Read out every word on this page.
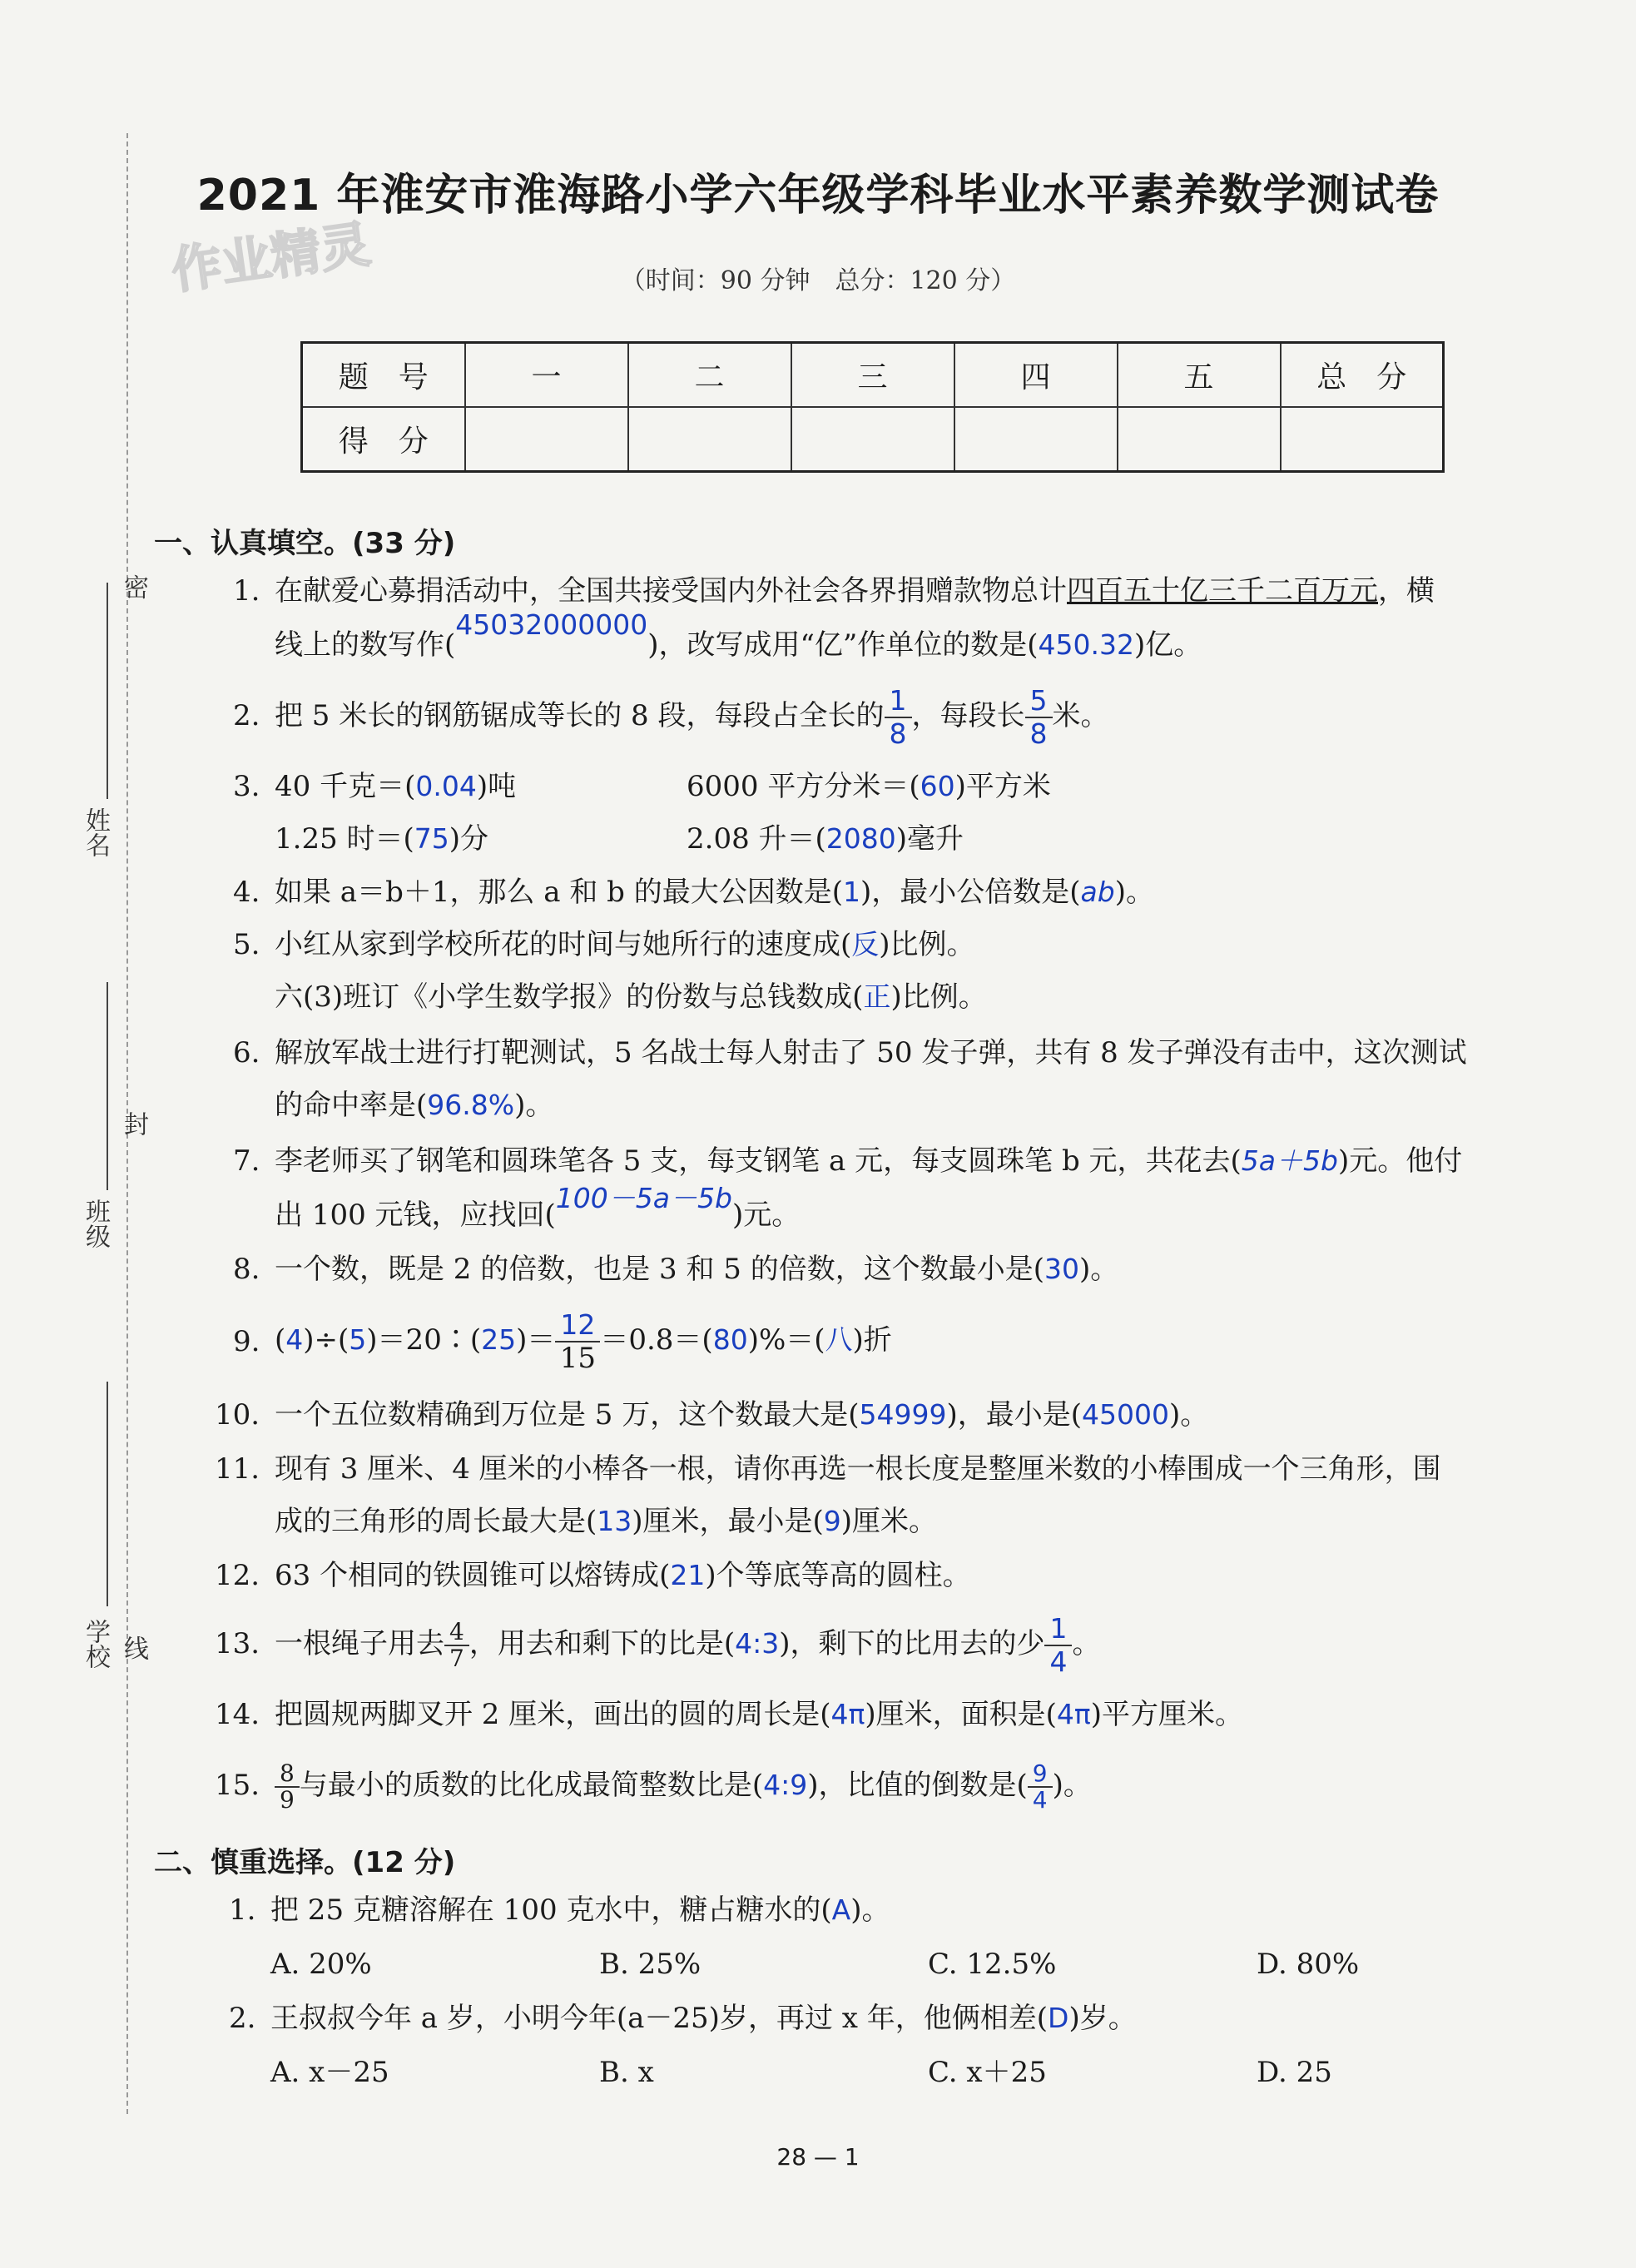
密
封
线
姓名
班级
学校
作业精灵
2021 年淮安市淮海路小学六年级学科毕业水平素养数学测试卷
（时间：90 分钟　总分：120 分）
题　号	一	二	三	四	五	总　分
得　分						
一、认真填空。(33 分)
1. 在献爱心募捐活动中，全国共接受国内外社会各界捐赠款物总计四百五十亿三千二百万元，横
线上的数写作(45032000000)，改写成用“亿”作单位的数是(450.32)亿。
2. 把 5 米长的钢筋锯成等长的 8 段，每段占全长的 $\frac{1}{8}$ ，每段长 $\frac{5}{8}$ 米。
3. 40 千克＝(0.04)吨	6000 平方分米＝(60)平方米
1.25 时＝(75)分	2.08 升＝(2080)毫升
4. 如果 a＝b＋1，那么 a 和 b 的最大公因数是(1)，最小公倍数是(ab)。
5. 小红从家到学校所花的时间与她所行的速度成(反)比例。
六(3)班订《小学生数学报》的份数与总钱数成(正)比例。
6. 解放军战士进行打靶测试，5 名战士每人射击了 50 发子弹，共有 8 发子弹没有击中，这次测试
的命中率是(96.8%)。
7. 李老师买了钢笔和圆珠笔各 5 支，每支钢笔 a 元，每支圆珠笔 b 元，共花去(5a＋5b)元。他付
出 100 元钱，应找回(100－5a－5b)元。
8. 一个数，既是 2 的倍数，也是 3 和 5 的倍数，这个数最小是(30)。
9. (4)÷(5)＝20∶(25)＝ $\frac{12}{15} =0.8=(80)\%=$(八)折
10. 一个五位数精确到万位是 5 万，这个数最大是(54999)，最小是(45000)。
11. 现有 3 厘米、4 厘米的小棒各一根，请你再选一根长度是整厘米数的小棒围成一个三角形，围
成的三角形的周长最大是(13)厘米，最小是(9)厘米。
12. 63 个相同的铁圆锥可以熔铸成(21)个等底等高的圆柱。
13. 一根绳子用去 $\frac{4}{7}$ ，用去和剩下的比是(4:3)，剩下的比用去的少 $\frac{1}{4}$ 。
14. 把圆规两脚叉开 2 厘米，画出的圆的周长是(4π)厘米，面积是(4π)平方厘米。
15. $\frac{8}{9}$ 与最小的质数的比化成最简整数比是(4:9)，比值的倒数是( $\frac{9}{4}$ )。
二、慎重选择。(12 分)
1. 把 25 克糖溶解在 100 克水中，糖占糖水的(A)。
A. 20%	B. 25%	C. 12.5%	D. 80%
2. 王叔叔今年 a 岁，小明今年(a－25)岁，再过 x 年，他俩相差(D)岁。
A. x－25	B. x	C. x＋25	D. 25
28 — 1
